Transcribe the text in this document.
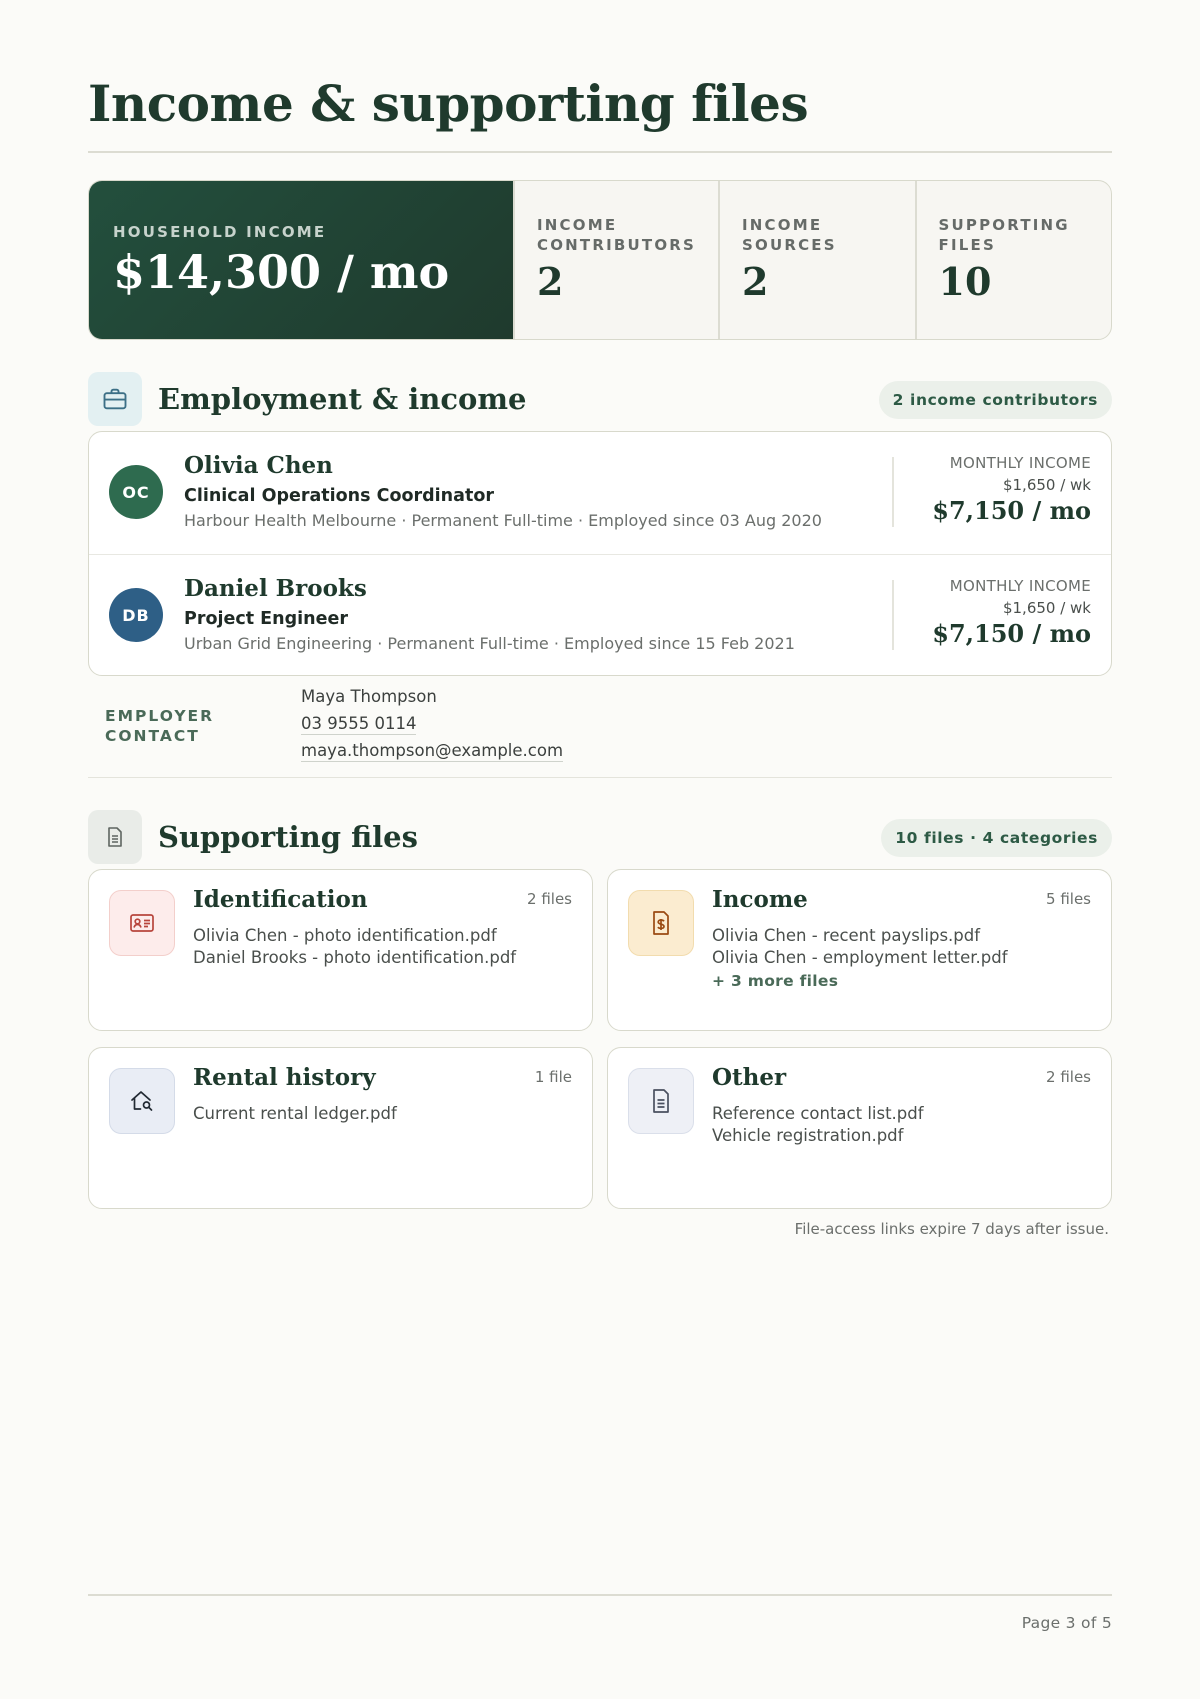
Income & supporting files
HOUSEHOLD INCOME
$14,300 / mo
INCOME CONTRIBUTORS
2
INCOME SOURCES
2
SUPPORTING FILES
10
Employment & income	2 income contributors
OC
Olivia Chen
Clinical Operations Coordinator
Harbour Health Melbourne · Permanent Full-time · Employed since 03 Aug 2020
MONTHLY INCOME
$1,650 / wk
$7,150 / mo
DB
Daniel Brooks
Project Engineer
Urban Grid Engineering · Permanent Full-time · Employed since 15 Feb 2021
MONTHLY INCOME
$1,650 / wk
$7,150 / mo
EMPLOYER CONTACT
Maya Thompson
03 9555 0114
maya.thompson@example.com
Supporting files	10 files · 4 categories
Identification	2 files
Olivia Chen - photo identification.pdf
Daniel Brooks - photo identification.pdf
Income	5 files
Olivia Chen - recent payslips.pdf
Olivia Chen - employment letter.pdf
+ 3 more files
Rental history	1 file
Current rental ledger.pdf
Other	2 files
Reference contact list.pdf
Vehicle registration.pdf
File-access links expire 7 days after issue.
Page 3 of 5
